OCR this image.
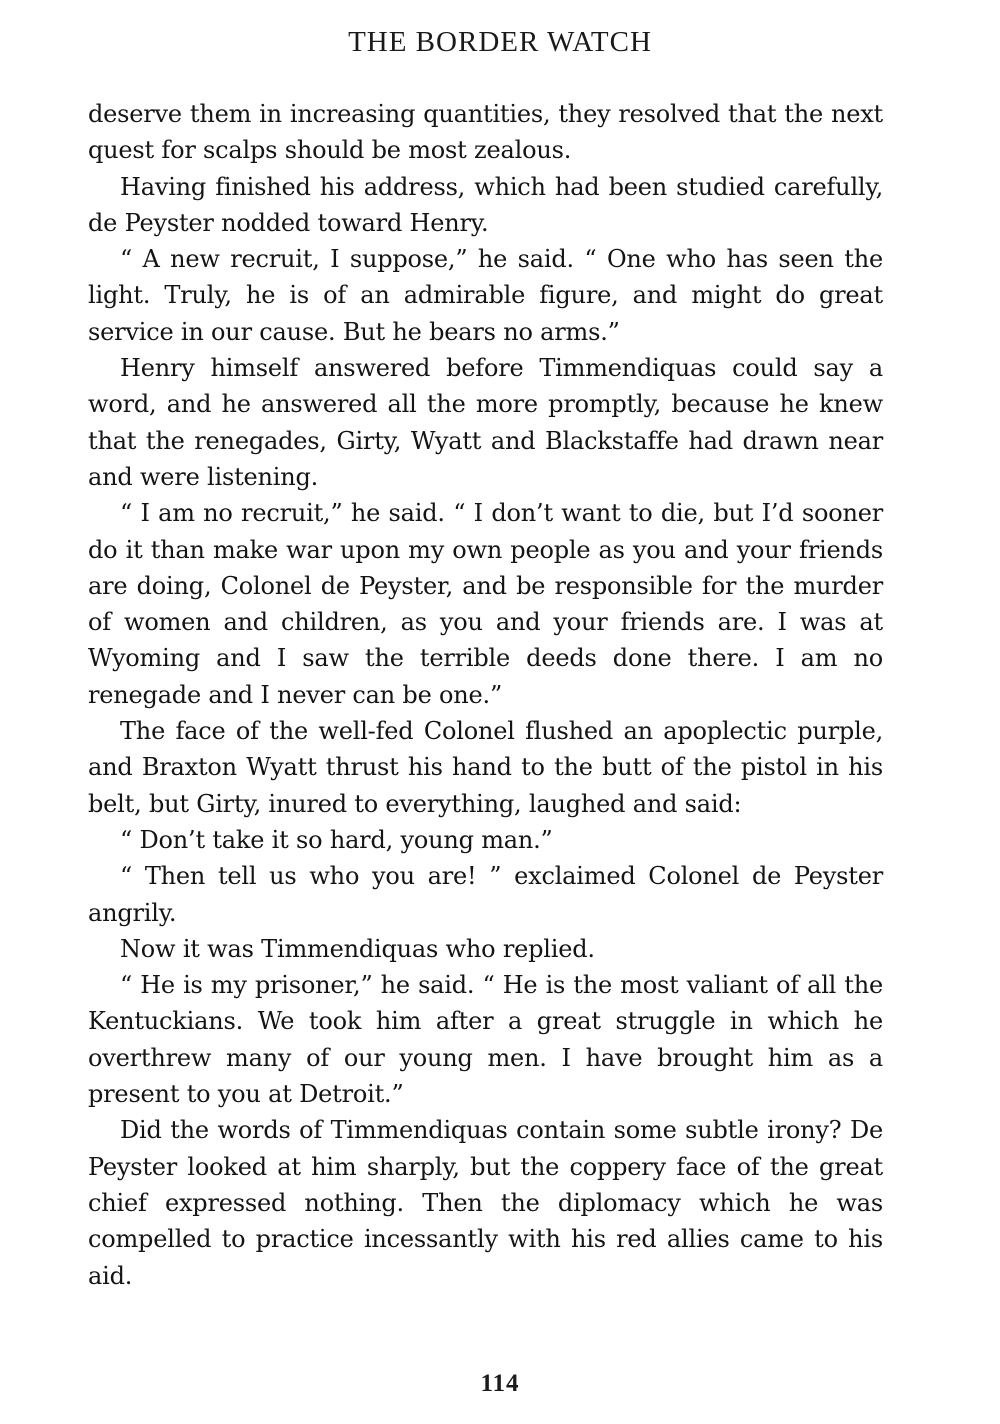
THE BORDER WATCH

deserve them in increasing quantities, they resolved that the next quest for scalps should be most zealous.

Having finished his address, which had been studied carefully, de Peyster nodded toward Henry.

“ A new recruit, I suppose,” he said. “ One who has seen the light. Truly, he is of an admirable figure, and might do great service in our cause. But he bears no arms.”

Henry himself answered before Timmendiquas could say a word, and he answered all the more promptly, because he knew that the renegades, Girty, Wyatt and Blackstaffe had drawn near and were listening.

“ I am no recruit,” he said. “ I don’t want to die, but I’d sooner do it than make war upon my own people as you and your friends are doing, Colonel de Peyster, and be responsible for the murder of women and children, as you and your friends are. I was at Wyoming and I saw the terrible deeds done there. I am no renegade and I never can be one.”

The face of the well-fed Colonel flushed an apoplectic purple, and Braxton Wyatt thrust his hand to the butt of the pistol in his belt, but Girty, inured to everything, laughed and said:

“ Don’t take it so hard, young man.”

“ Then tell us who you are! ” exclaimed Colonel de Peyster angrily.

Now it was Timmendiquas who replied.

“ He is my prisoner,” he said. “ He is the most valiant of all the Kentuckians. We took him after a great struggle in which he overthrew many of our young men. I have brought him as a present to you at Detroit.”

Did the words of Timmendiquas contain some subtle irony? De Peyster looked at him sharply, but the coppery face of the great chief expressed nothing. Then the diplomacy which he was compelled to practice incessantly with his red allies came to his aid.

114
